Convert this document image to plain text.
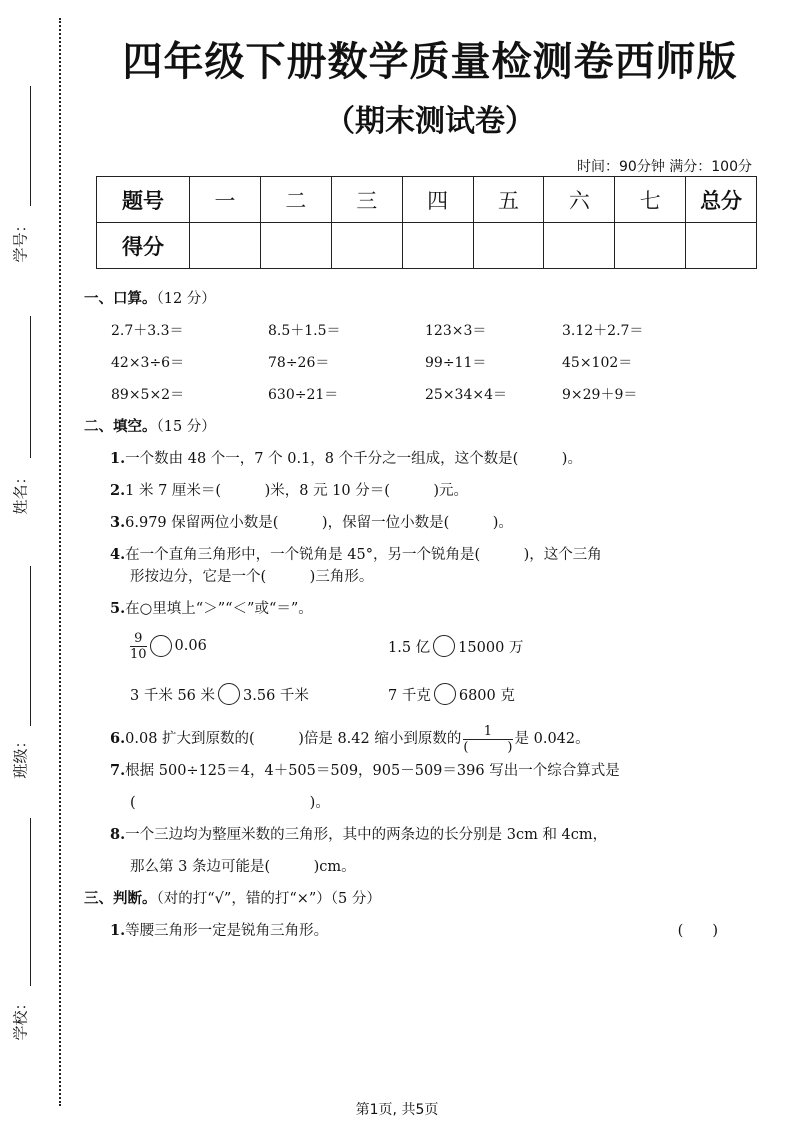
学号：
姓名：
班级：
学校：
四年级下册数学质量检测卷西师版
（期末测试卷）
时间：90分钟 满分：100分
题号	一	二	三	四	五	六	七	总分
得分								
一、口算。（12 分）
2.7＋3.3＝	8.5＋1.5＝	123×3＝	3.12＋2.7＝
42×3÷6＝	78÷26＝	99÷11＝	45×102＝
89×5×2＝	630÷21＝	25×34×4＝	9×29＋9＝
二、填空。（15 分）
1.一个数由 48 个一，7 个 0.1，8 个千分之一组成，这个数是(　　　)。
2.1 米 7 厘米＝(　　　)米，8 元 10 分＝(　　　)元。
3.6.979 保留两位小数是(　　　)，保留一位小数是(　　　)。
4.在一个直角三角形中，一个锐角是 45°，另一个锐角是(　　　)，这个三角
形按边分，它是一个(　　　)三角形。
5.在○里填上“＞”“＜”或“＝”。
$\frac{9}{10} 0.06$	1.5 亿 15000 万
3 千米 56 米 3.56 千米	7 千克 6800 克
6. 0.08 扩大到原数的(　　　)倍是 8.42 缩小到原数的 $\frac{1}{( )}$ 是 0.042。
7.根据 500÷125＝4，4＋505＝509，905－509＝396 写出一个综合算式是
(　　　　　　　　　　　　)。
8.一个三边均为整厘米数的三角形，其中的两条边的长分别是 3cm 和 4cm，
那么第 3 条边可能是(　　　)cm。
三、判断。（对的打“√”，错的打“×”）（5 分）
1.等腰三角形一定是锐角三角形。	(　　)
第1页, 共5页
